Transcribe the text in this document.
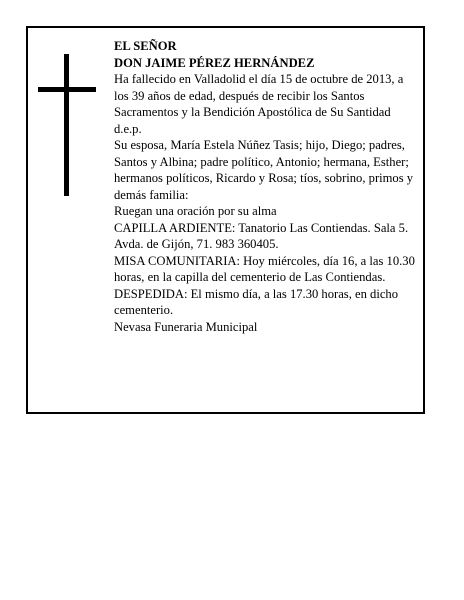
EL SEÑOR

DON JAIME PÉREZ HERNÁNDEZ

Ha fallecido en Valladolid el día 15 de octubre de 2013, a los 39 años de edad, después de recibir los Santos Sacramentos y la Bendición Apostólica de Su Santidad

d.e.p.

Su esposa, María Estela Núñez Tasis; hijo, Diego; padres, Santos y Albina; padre político, Antonio; hermana, Esther; hermanos políticos, Ricardo y Rosa; tíos, sobrino, primos y demás familia:

Ruegan una oración por su alma

CAPILLA ARDIENTE: Tanatorio Las Contiendas. Sala 5. Avda. de Gijón, 71. 983 360405.

MISA COMUNITARIA: Hoy miércoles, día 16, a las 10.30 horas, en la capilla del cementerio de Las Contiendas.

DESPEDIDA: El mismo día, a las 17.30 horas, en dicho cementerio.

Nevasa Funeraria Municipal
